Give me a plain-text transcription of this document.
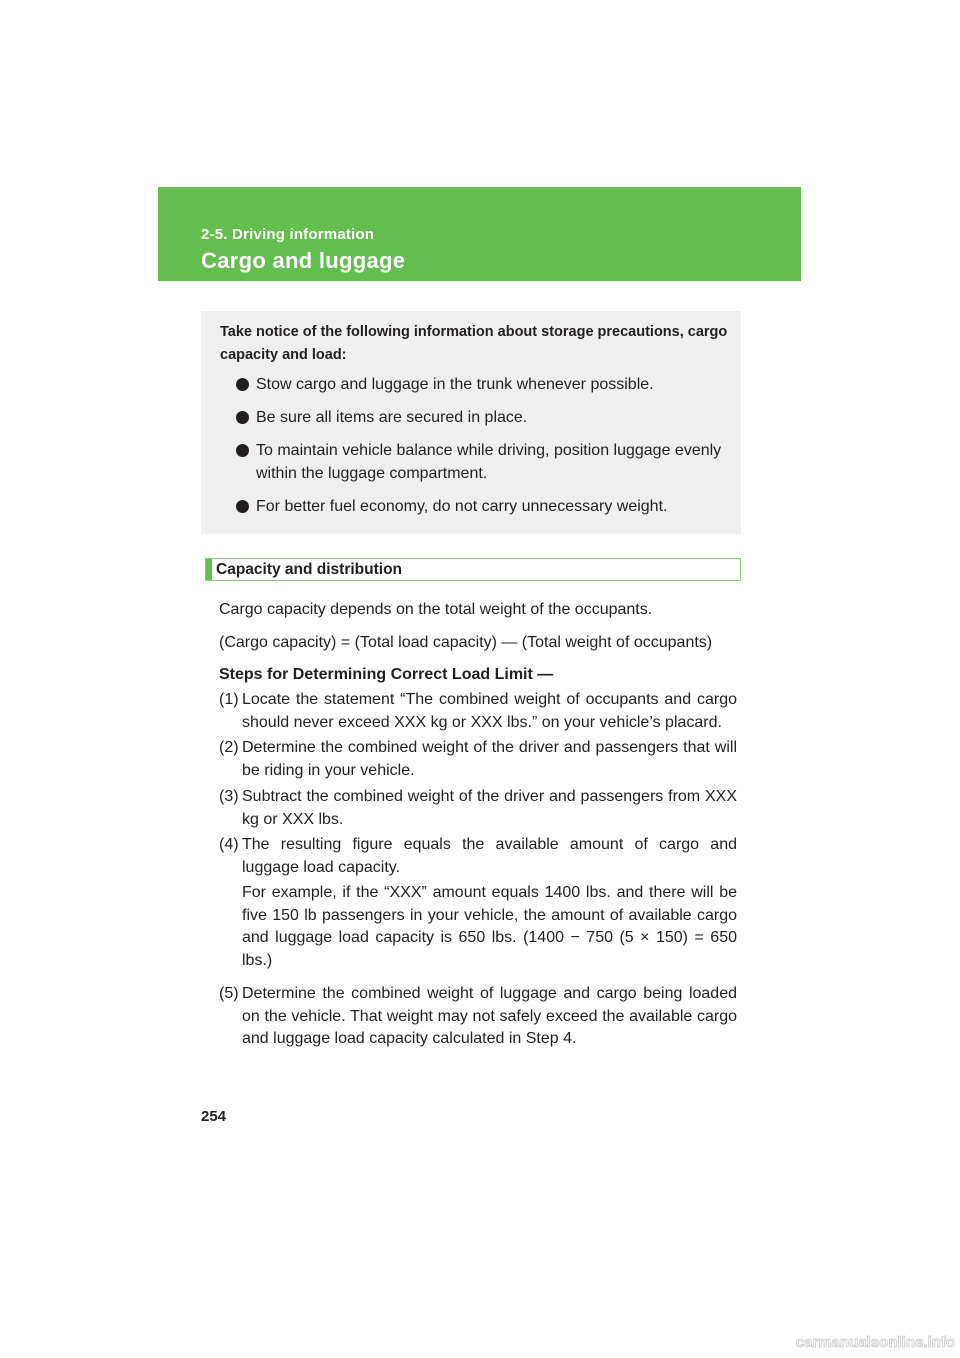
2-5. Driving information
Cargo and luggage
Take notice of the following information about storage precautions, cargo capacity and load:
Stow cargo and luggage in the trunk whenever possible.
Be sure all items are secured in place.
To maintain vehicle balance while driving, position luggage evenly within the luggage compartment.
For better fuel economy, do not carry unnecessary weight.
Capacity and distribution
Cargo capacity depends on the total weight of the occupants.
(Cargo capacity) = (Total load capacity) — (Total weight of occupants)
Steps for Determining Correct Load Limit —
(1) Locate the statement “The combined weight of occupants and cargo should never exceed XXX kg or XXX lbs.” on your vehicle’s placard.
(2) Determine the combined weight of the driver and passengers that will be riding in your vehicle.
(3) Subtract the combined weight of the driver and passengers from XXX kg or XXX lbs.
(4) The resulting figure equals the available amount of cargo and luggage load capacity.
For example, if the “XXX” amount equals 1400 lbs. and there will be five 150 lb passengers in your vehicle, the amount of available cargo and luggage load capacity is 650 lbs. (1400 − 750 (5 × 150) = 650 lbs.)
(5) Determine the combined weight of luggage and cargo being loaded on the vehicle. That weight may not safely exceed the available cargo and luggage load capacity calculated in Step 4.
254
carmanualsonline.info
